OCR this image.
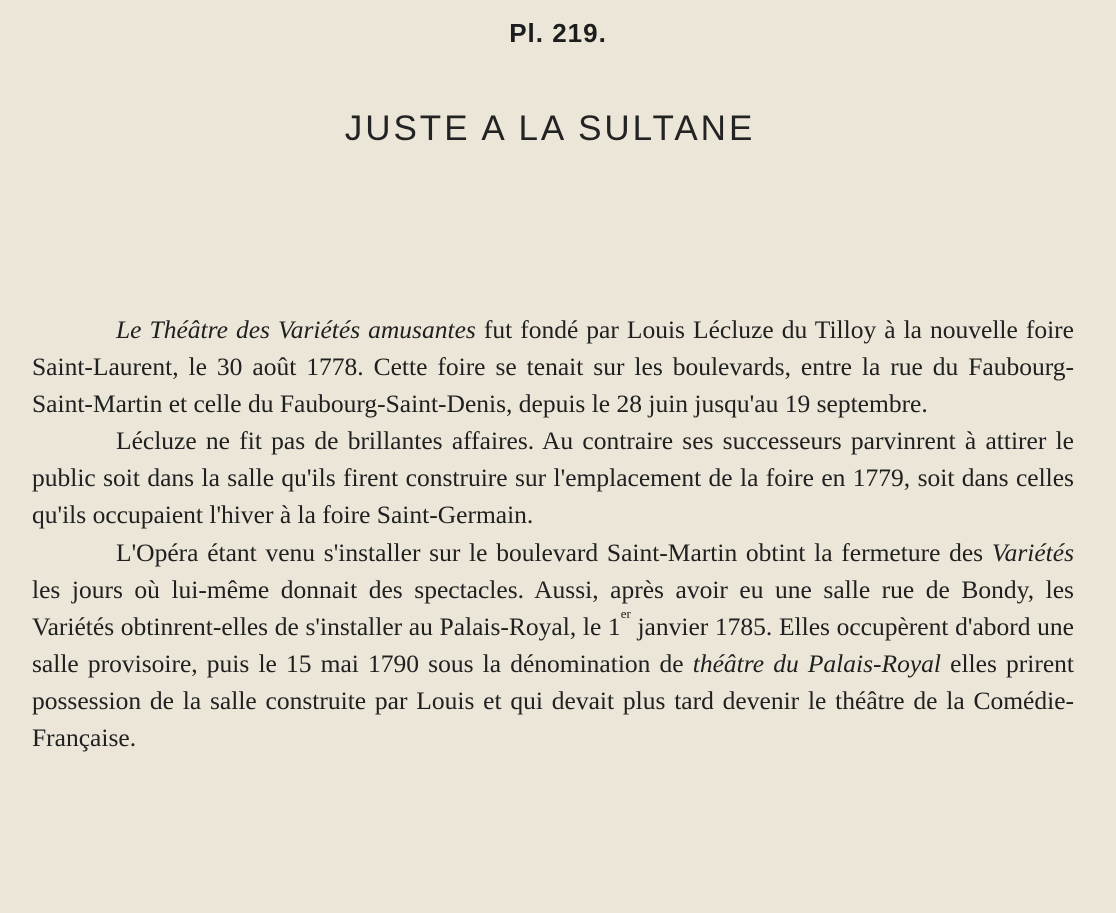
Pl. 219.
JUSTE A LA SULTANE

Le Théâtre des Variétés amusantes fut fondé par Louis Lécluze du Tilloy à la nouvelle foire Saint-Laurent, le 30 août 1778. Cette foire se tenait sur les boulevards, entre la rue du Faubourg-Saint-Martin et celle du Faubourg-Saint-Denis, depuis le 28 juin jusqu'au 19 septembre.

Lécluze ne fit pas de brillantes affaires. Au contraire ses successeurs parvinrent à attirer le public soit dans la salle qu'ils firent construire sur l'emplacement de la foire en 1779, soit dans celles qu'ils occupaient l'hiver à la foire Saint-Germain.

L'Opéra étant venu s'installer sur le boulevard Saint-Martin obtint la fermeture des Variétés les jours où lui-même donnait des spectacles. Aussi, après avoir eu une salle rue de Bondy, les Variétés obtinrent-elles de s'installer au Palais-Royal, le 1er janvier 1785. Elles occupèrent d'abord une salle provisoire, puis le 15 mai 1790 sous la dénomination de théâtre du Palais-Royal elles prirent possession de la salle construite par Louis et qui devait plus tard devenir le théâtre de la Comédie-Française.
